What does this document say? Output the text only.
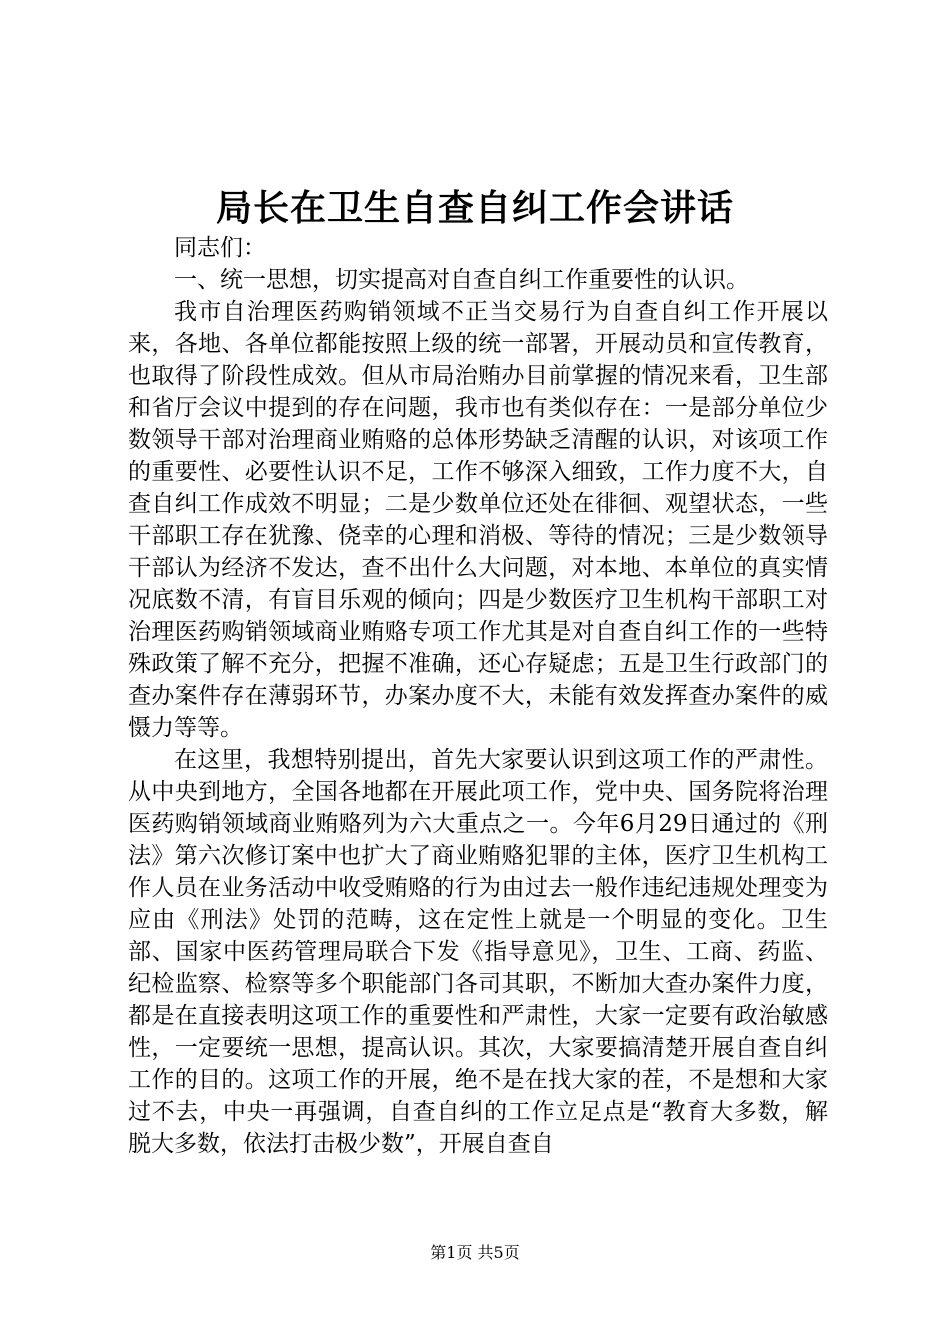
局长在卫生自查自纠工作会讲话

同志们：

一、统一思想，切实提高对自查自纠工作重要性的认识。

我市自治理医药购销领域不正当交易行为自查自纠工作开展以来，各地、各单位都能按照上级的统一部署，开展动员和宣传教育，也取得了阶段性成效。但从市局治贿办目前掌握的情况来看，卫生部和省厅会议中提到的存在问题，我市也有类似存在：一是部分单位少数领导干部对治理商业贿赂的总体形势缺乏清醒的认识，对该项工作的重要性、必要性认识不足，工作不够深入细致，工作力度不大，自查自纠工作成效不明显；二是少数单位还处在徘徊、观望状态，一些干部职工存在犹豫、侥幸的心理和消极、等待的情况；三是少数领导干部认为经济不发达，查不出什么大问题，对本地、本单位的真实情况底数不清，有盲目乐观的倾向；四是少数医疗卫生机构干部职工对治理医药购销领域商业贿赂专项工作尤其是对自查自纠工作的一些特殊政策了解不充分，把握不准确，还心存疑虑；五是卫生行政部门的查办案件存在薄弱环节，办案办度不大，未能有效发挥查办案件的威慑力等等。

在这里，我想特别提出，首先大家要认识到这项工作的严肃性。从中央到地方，全国各地都在开展此项工作，党中央、国务院将治理医药购销领域商业贿赂列为六大重点之一。今年6月29日通过的《刑法》第六次修订案中也扩大了商业贿赂犯罪的主体，医疗卫生机构工作人员在业务活动中收受贿赂的行为由过去一般作违纪违规处理变为应由《刑法》处罚的范畴，这在定性上就是一个明显的变化。卫生部、国家中医药管理局联合下发《指导意见》，卫生、工商、药监、纪检监察、检察等多个职能部门各司其职，不断加大查办案件力度，都是在直接表明这项工作的重要性和严肃性，大家一定要有政治敏感性，一定要统一思想，提高认识。其次，大家要搞清楚开展自查自纠工作的目的。这项工作的开展，绝不是在找大家的茬，不是想和大家过不去，中央一再强调，自查自纠的工作立足点是“教育大多数，解脱大多数，依法打击极少数”，开展自查自

第1页 共5页
